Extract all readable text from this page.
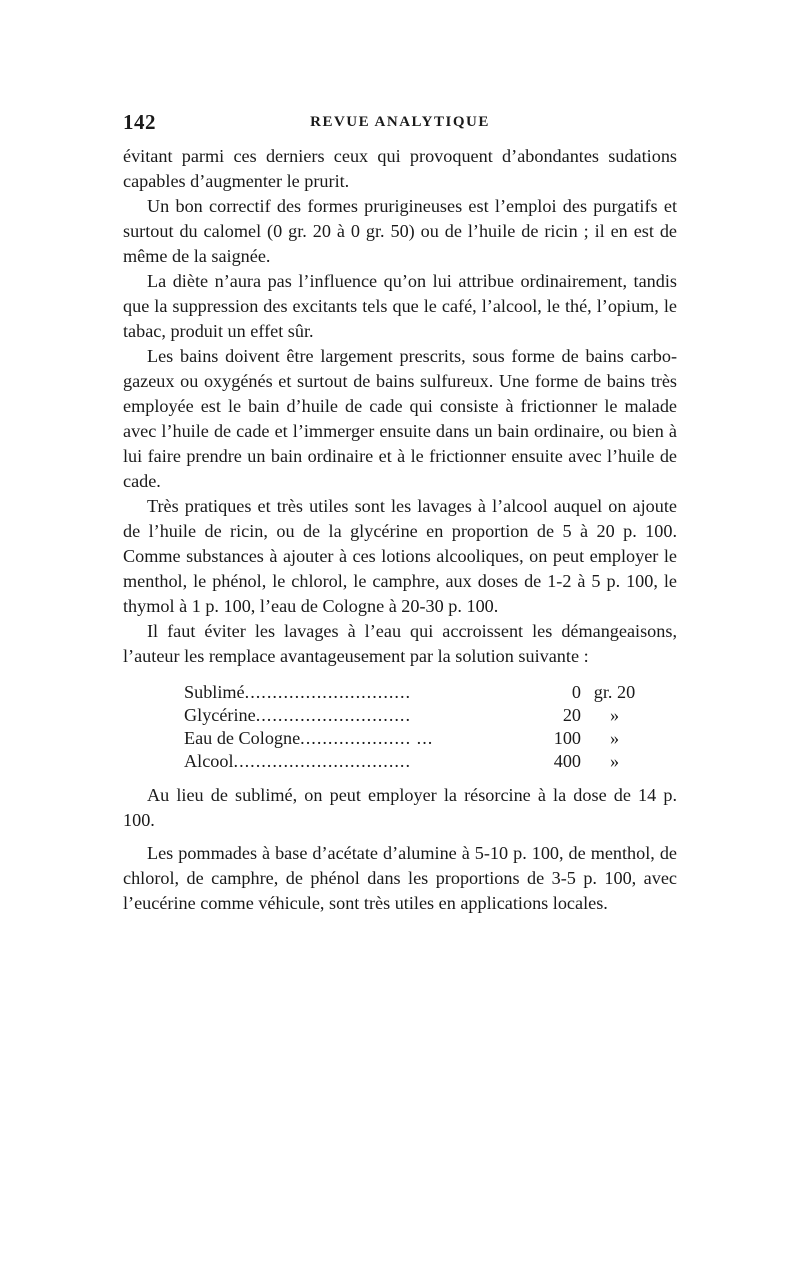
142	REVUE ANALYTIQUE

évitant parmi ces derniers ceux qui provoquent d’abondantes sudations capables d’augmenter le prurit.

Un bon correctif des formes prurigineuses est l’emploi des purgatifs et surtout du calomel (0 gr. 20 à 0 gr. 50) ou de l’huile de ricin ; il en est de même de la saignée.

La diète n’aura pas l’influence qu’on lui attribue ordinairement, tandis que la suppression des excitants tels que le café, l’alcool, le thé, l’opium, le tabac, produit un effet sûr.

Les bains doivent être largement prescrits, sous forme de bains carbo-gazeux ou oxygénés et surtout de bains sulfureux. Une forme de bains très employée est le bain d’huile de cade qui consiste à frictionner le malade avec l’huile de cade et l’immerger ensuite dans un bain ordinaire, ou bien à lui faire prendre un bain ordinaire et à le frictionner ensuite avec l’huile de cade.

Très pratiques et très utiles sont les lavages à l’alcool auquel on ajoute de l’huile de ricin, ou de la glycérine en proportion de 5 à 20 p. 100. Comme substances à ajouter à ces lotions alcooliques, on peut employer le menthol, le phénol, le chlorol, le camphre, aux doses de 1-2 à 5 p. 100, le thymol à 1 p. 100, l’eau de Cologne à 20-30 p. 100.

Il faut éviter les lavages à l’eau qui accroissent les démangeaisons, l’auteur les remplace avantageusement par la solution suivante :

Sublimé..............................	0 gr. 20
Glycérine............................	20	»
Eau de Cologne.................... ...	100	»
Alcool................................	400	»

Au lieu de sublimé, on peut employer la résorcine à la dose de 14 p. 100.

Les pommades à base d’acétate d’alumine à 5-10 p. 100, de menthol, de chlorol, de camphre, de phénol dans les proportions de 3-5 p. 100, avec l’eucérine comme véhicule, sont très utiles en applications locales.
